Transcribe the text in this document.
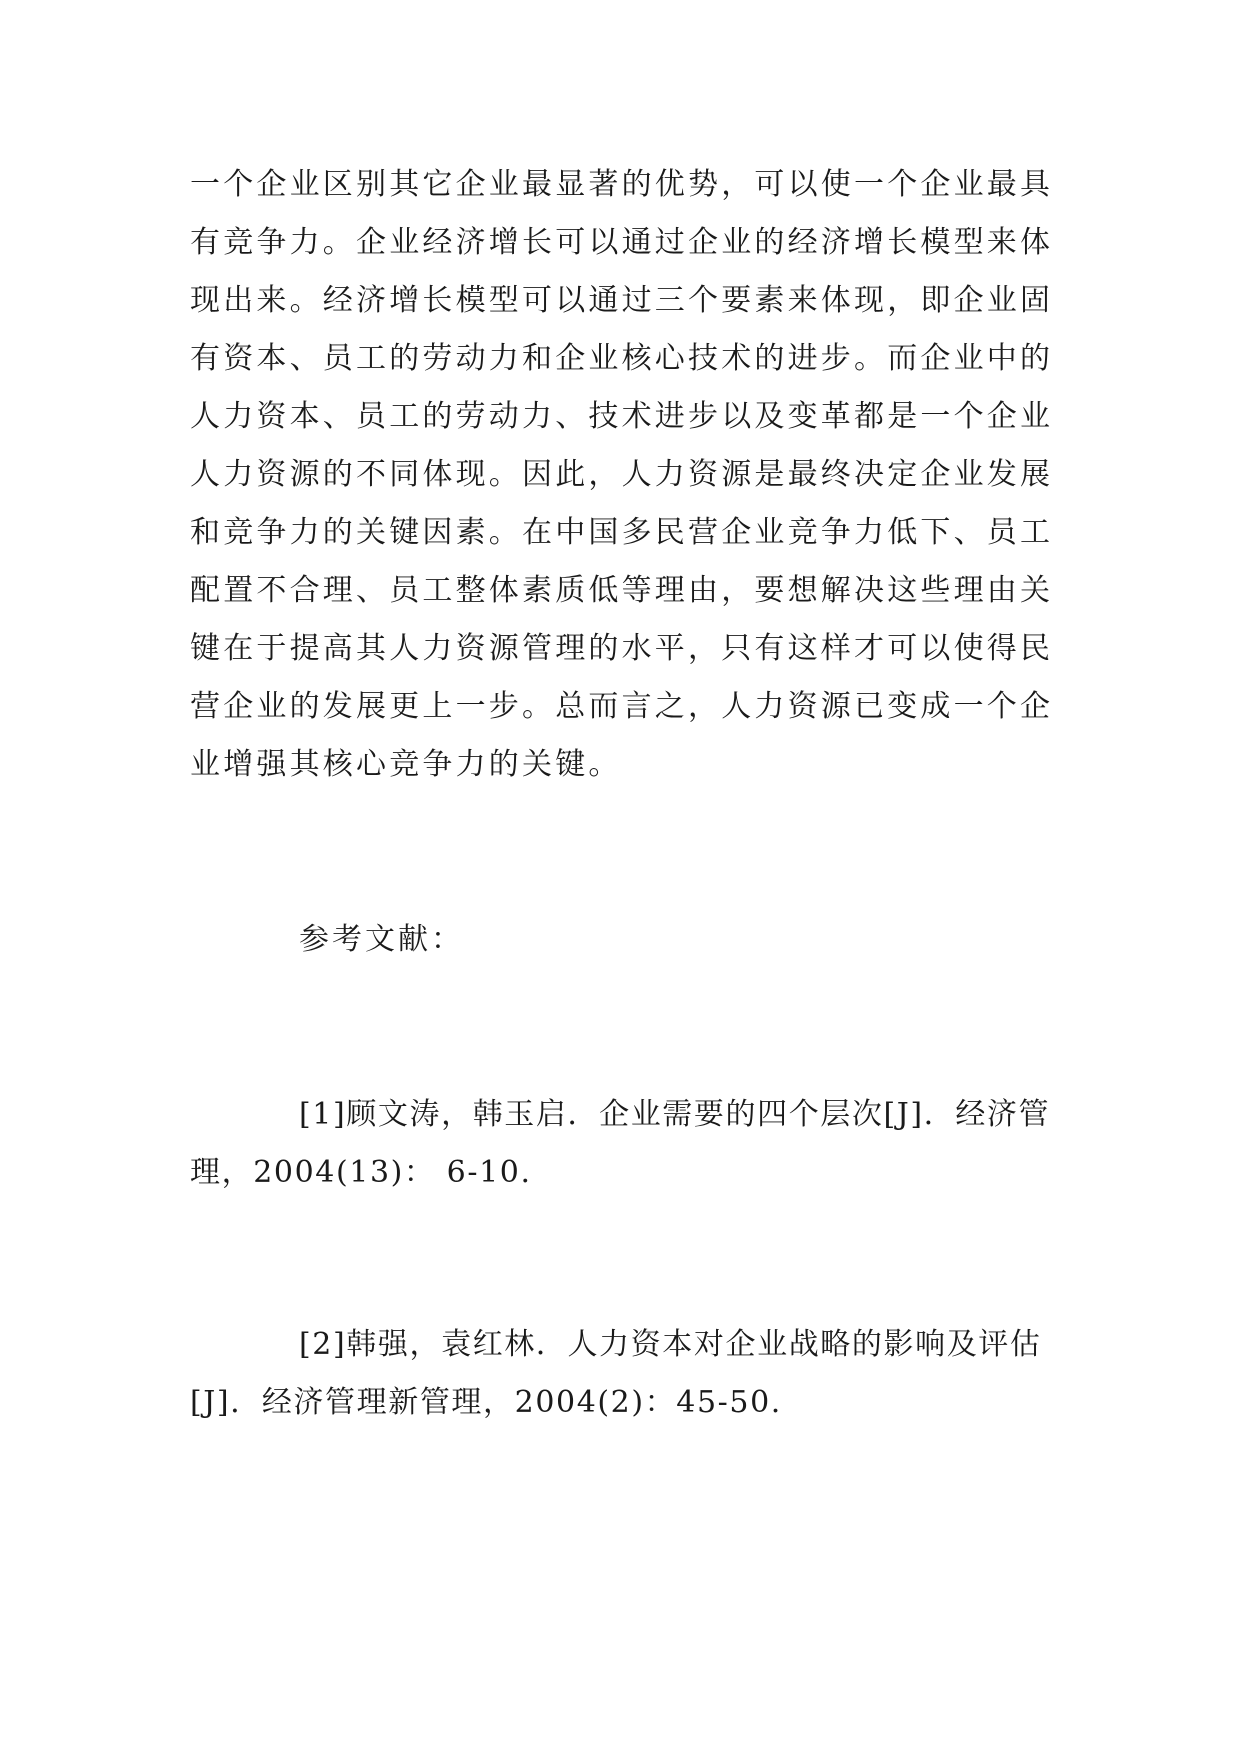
一个企业区别其它企业最显著的优势，可以使一个企业最具
有竞争力。企业经济增长可以通过企业的经济增长模型来体
现出来。经济增长模型可以通过三个要素来体现，即企业固
有资本、员工的劳动力和企业核心技术的进步。而企业中的
人力资本、员工的劳动力、技术进步以及变革都是一个企业
人力资源的不同体现。因此，人力资源是最终决定企业发展
和竞争力的关键因素。在中国多民营企业竞争力低下、员工
配置不合理、员工整体素质低等理由，要想解决这些理由关
键在于提高其人力资源管理的水平，只有这样才可以使得民
营企业的发展更上一步。总而言之，人力资源已变成一个企
业增强其核心竞争力的关键。
参考文献：
[1]顾文涛，韩玉启．企业需要的四个层次[J]．经济管
理，2004(13)： 6-10.
[2]韩强，袁红林．人力资本对企业战略的影响及评估
[J]．经济管理新管理，2004(2)：45-50.
